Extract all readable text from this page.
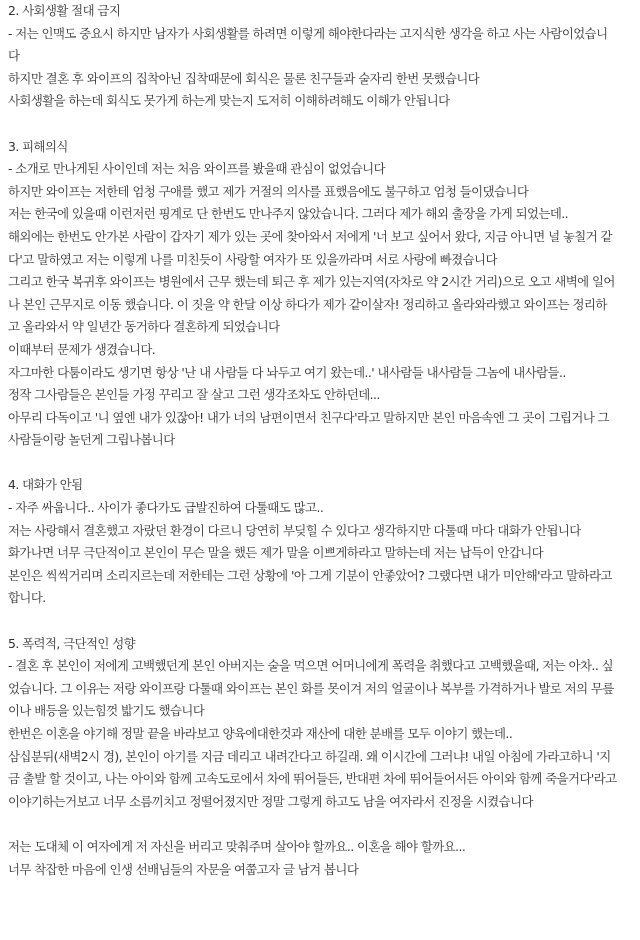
2. 사회생활 절대 금지
- 저는 인맥도 중요시 하지만 남자가 사회생활를 하려면 이렇게 해야한다라는 고지식한 생각을 하고 사는 사람이었습니
다
하지만 결혼 후 와이프의 집착아닌 집착때문에 회식은 물론 친구들과 술자리 한번 못했습니다
사회생활을 하는데 회식도 못가게 하는게 맞는지 도저히 이해하려해도 이해가 안됩니다
3. 피해의식
- 소개로 만나게된 사이인데 저는 처음 와이프를 봤을때 관심이 없었습니다
하지만 와이프는 저한테 엄청 구애를 했고 제가 거절의 의사를 표했음에도 불구하고 엄청 들이댔습니다
저는 한국에 있을때 이런저런 핑계로 단 한번도 만나주지 않았습니다. 그러다 제가 해외 출장을 가게 되었는데..
해외에는 한번도 안가본 사람이 갑자기 제가 있는 곳에 찾아와서 저에게 '너 보고 싶어서 왔다, 지금 아니면 널 놓칠거 같
다'고 말하였고 저는 이렇게 나를 미친듯이 사랑할 여자가 또 있을까라며 서로 사랑에 빠졌습니다
그리고 한국 복귀후 와이프는 병원에서 근무 했는데 퇴근 후 제가 있는지역(자차로 약 2시간 거리)으로 오고 새벽에 일어
나 본인 근무지로 이동 했습니다. 이 짓을 약 한달 이상 하다가 제가 같이살자! 정리하고 올라와라했고 와이프는 정리하
고 올라와서 약 일년간 동거하다 결혼하게 되었습니다
이때부터 문제가 생겼습니다.
자그마한 다툼이라도 생기면 항상 '난 내 사람들 다 놔두고 여기 왔는데..' 내사람들 내사람들 그놈에 내사람들..
정작 그사람들은 본인들 가정 꾸리고 잘 살고 그런 생각조차도 안하던데...
아무리 다독이고 '니 옆엔 내가 있잖아! 내가 너의 남편이면서 친구다'라고 말하지만 본인 마음속엔 그 곳이 그립거나 그
사람들이랑 놀던게 그립나봅니다
4. 대화가 안됨
- 자주 싸웁니다.. 사이가 좋다가도 급발진하여 다툴때도 많고..
저는 사랑해서 결혼했고 자랐던 환경이 다르니 당연히 부딪힐 수 있다고 생각하지만 다툴때 마다 대화가 안됩니다
화가나면 너무 극단적이고 본인이 무슨 말을 했든 제가 말을 이쁘게하라고 말하는데 저는 납득이 안갑니다
본인은 씩씩거리며 소리지르는데 저한테는 그런 상황에 '아 그게 기분이 안좋았어? 그랬다면 내가 미안해'라고 말하라고
합니다.
5. 폭력적, 극단적인 성향
- 결혼 후 본인이 저에게 고백했던게 본인 아버지는 술을 먹으면 어머니에게 폭력을 취했다고 고백했을때, 저는 아차.. 싶
었습니다. 그 이유는 저랑 와이프랑 다툴때 와이프는 본인 화를 못이겨 저의 얼굴이나 복부를 가격하거나 발로 저의 무릎
이나 배등을 있는힘껏 밟기도 했습니다
한번은 이혼을 야기해 정말 끝을 바라보고 양육에대한것과 재산에 대한 분배를 모두 이야기 했는데..
삼십분뒤(새벽2시 경), 본인이 아기를 지금 데리고 내려간다고 하길래. 왜 이시간에 그러냐! 내일 아침에 가라고하니 '지
금 출발 할 것이고, 나는 아이와 함께 고속도로에서 차에 뛰어들든, 반대편 차에 뛰어들어서든 아이와 함께 죽을거다'라고
이야기하는거보고 너무 소름끼치고 정떨어졌지만 정말 그렇게 하고도 남을 여자라서 진정을 시켰습니다
저는 도대체 이 여자에게 저 자신을 버리고 맞춰주며 살아야 할까요.. 이혼을 해야 할까요...
너무 착잡한 마음에 인생 선배님들의 자문을 여쭙고자 글 남겨 봅니다
